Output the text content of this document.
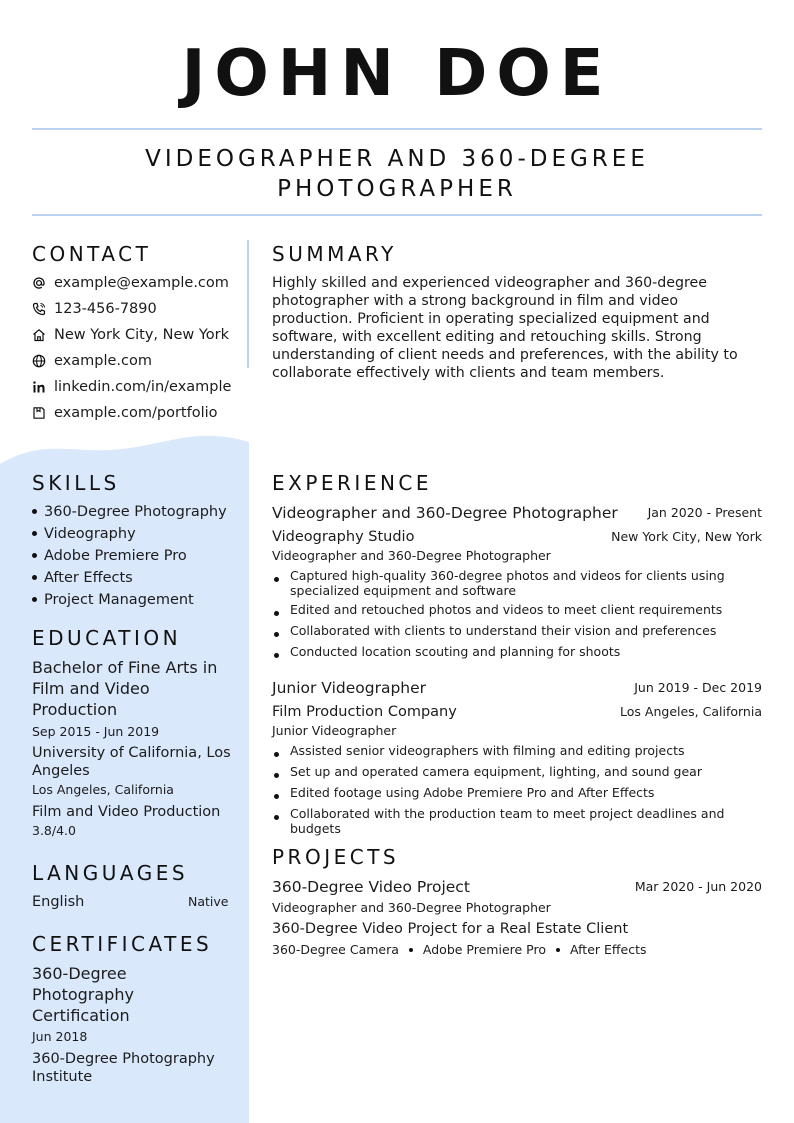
JOHN DOE
VIDEOGRAPHER AND 360-DEGREE
PHOTOGRAPHER
CONTACT
example@example.com
123-456-7890
New York City, New York
example.com
linkedin.com/in/example
example.com/portfolio
SUMMARY
Highly skilled and experienced videographer and 360-degree photographer with a strong background in film and video production. Proficient in operating specialized equipment and software, with excellent editing and retouching skills. Strong understanding of client needs and preferences, with the ability to collaborate effectively with clients and team members.
SKILLS
360-Degree Photography
Videography
Adobe Premiere Pro
After Effects
Project Management
EDUCATION
Bachelor of Fine Arts in Film and Video Production
Sep 2015 - Jun 2019
University of California, Los Angeles
Los Angeles, California
Film and Video Production
3.8/4.0
LANGUAGES
English	Native
CERTIFICATES
360-Degree Photography Certification
Jun 2018
360-Degree Photography Institute
EXPERIENCE
Videographer and 360-Degree Photographer Jan 2020 - Present
Videography Studio	New York City, New York
Videographer and 360-Degree Photographer
Captured high-quality 360-degree photos and videos for clients using specialized equipment and software
Edited and retouched photos and videos to meet client requirements
Collaborated with clients to understand their vision and preferences
Conducted location scouting and planning for shoots
Junior Videographer	Jun 2019 - Dec 2019
Film Production Company	Los Angeles, California
Junior Videographer
Assisted senior videographers with filming and editing projects
Set up and operated camera equipment, lighting, and sound gear
Edited footage using Adobe Premiere Pro and After Effects
Collaborated with the production team to meet project deadlines and budgets
PROJECTS
360-Degree Video Project	Mar 2020 - Jun 2020
Videographer and 360-Degree Photographer
360-Degree Video Project for a Real Estate Client
360-Degree Camera Adobe Premiere Pro After Effects
